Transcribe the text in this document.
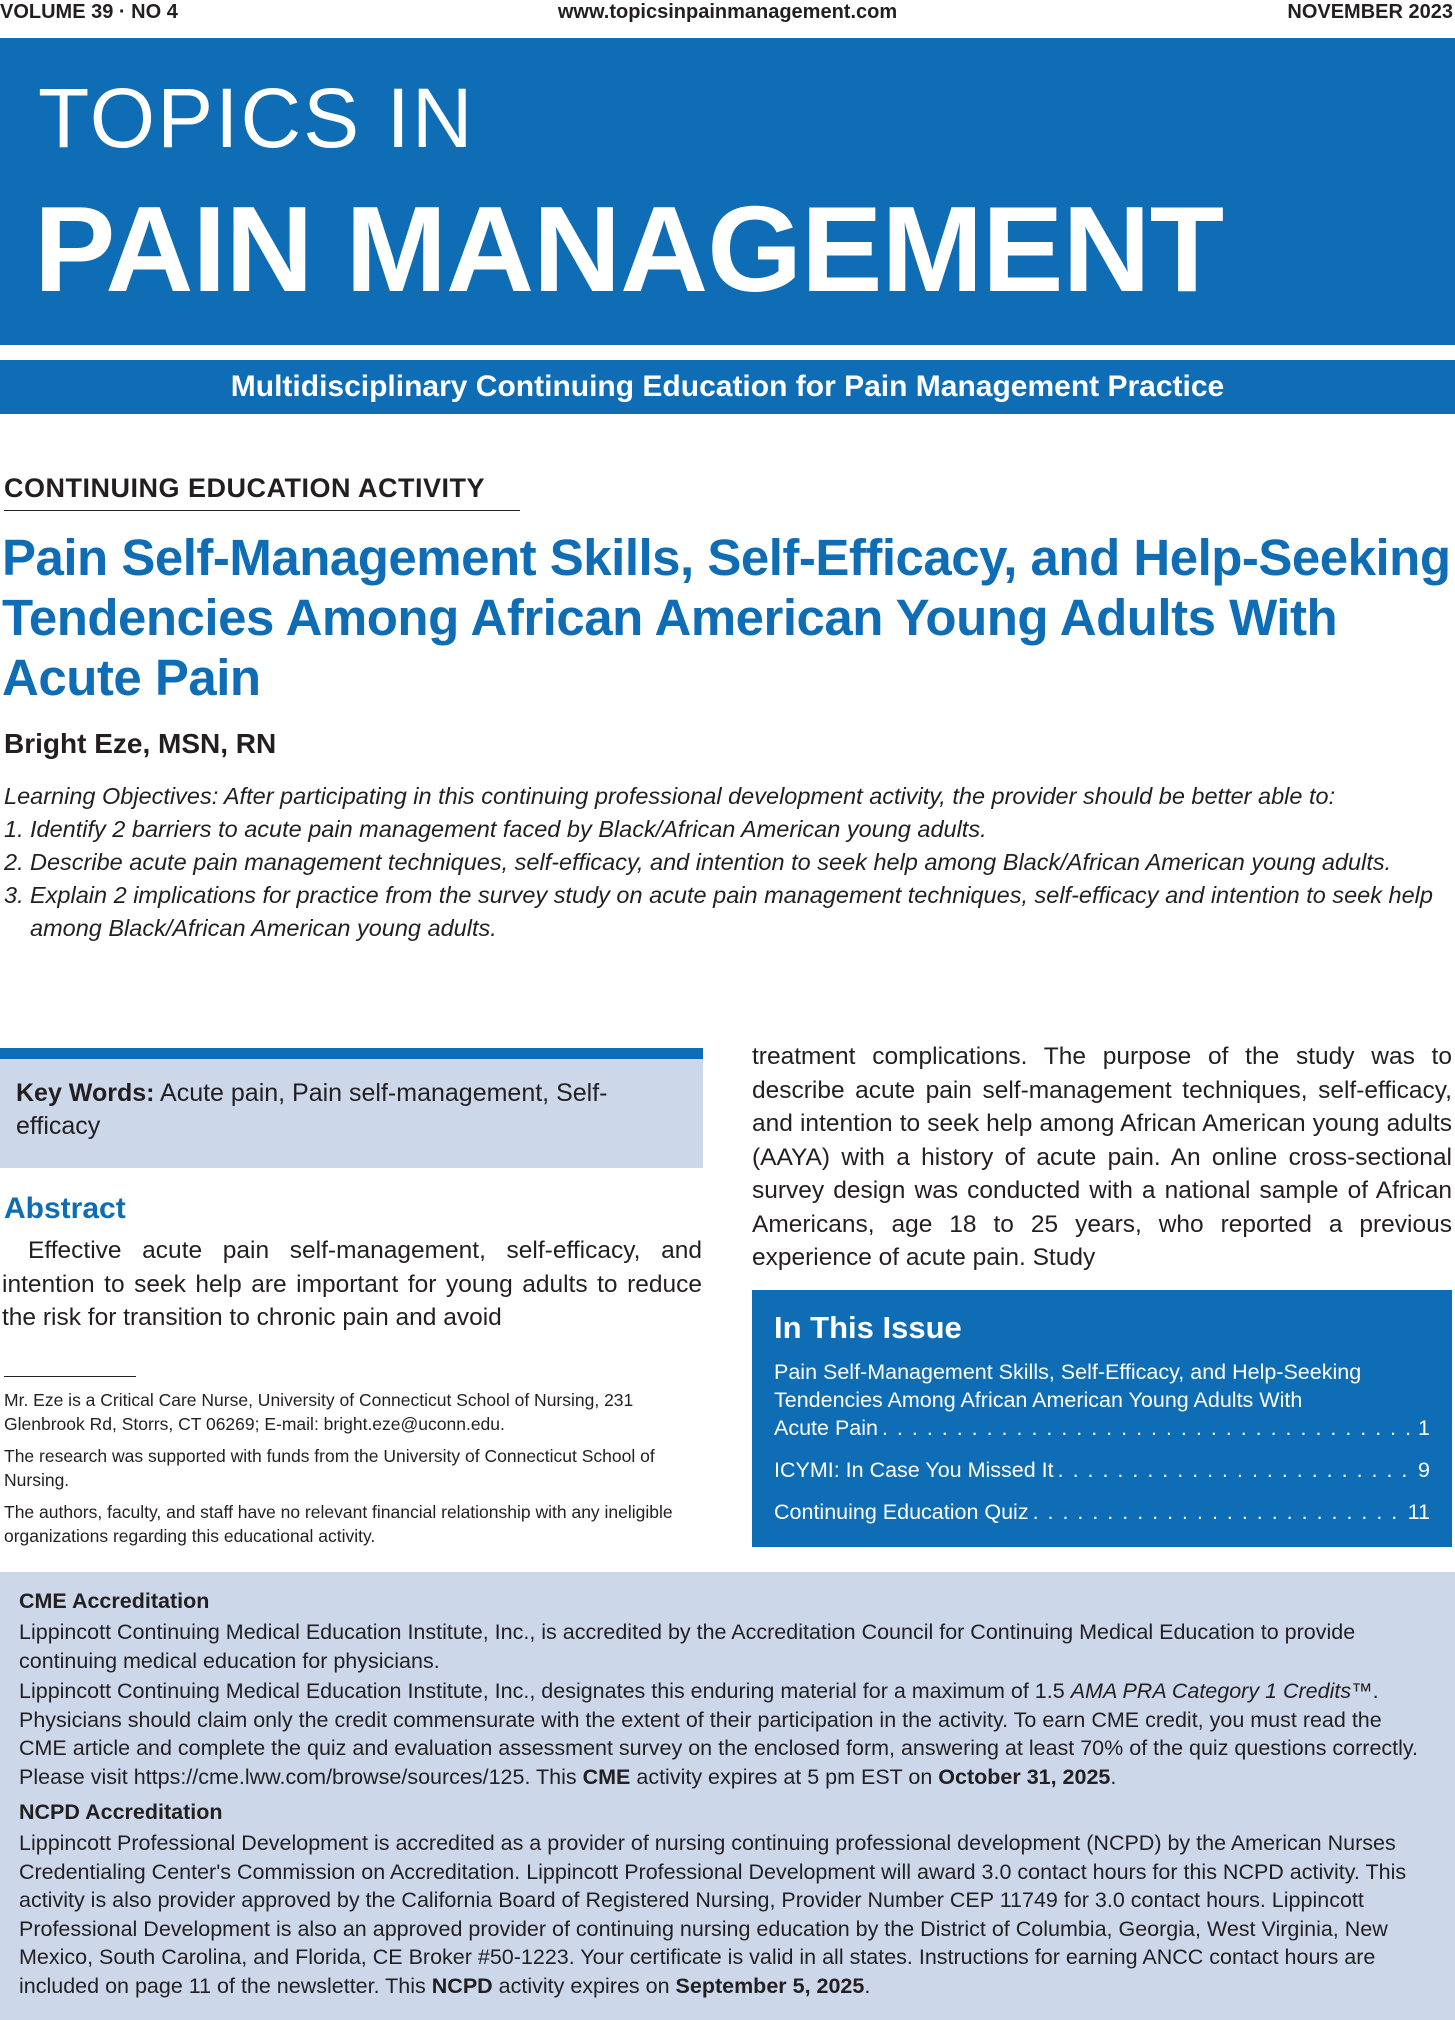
VOLUME 39 · NO 4	www.topicsinpainmanagement.com	NOVEMBER 2023
TOPICS IN
PAIN MANAGEMENT
Multidisciplinary Continuing Education for Pain Management Practice
CONTINUING EDUCATION ACTIVITY
Pain Self-Management Skills, Self-Efficacy, and Help-Seeking Tendencies Among African American Young Adults With Acute Pain
Bright Eze, MSN, RN
Learning Objectives: After participating in this continuing professional development activity, the provider should be better able to:
1. Identify 2 barriers to acute pain management faced by Black/African American young adults.
2. Describe acute pain management techniques, self-efficacy, and intention to seek help among Black/African American young adults.
3. Explain 2 implications for practice from the survey study on acute pain management techniques, self-efficacy and intention to seek help among Black/African American young adults.
Key Words: Acute pain, Pain self-management, Self-efficacy
Abstract

Effective acute pain self-management, self-efficacy, and intention to seek help are important for young adults to reduce the risk for transition to chronic pain and avoid

treatment complications. The purpose of the study was to describe acute pain self-management techniques, self-efficacy, and intention to seek help among African American young adults (AAYA) with a history of acute pain. An online cross-sectional survey design was conducted with a national sample of African Americans, age 18 to 25 years, who reported a previous experience of acute pain. Study

Mr. Eze is a Critical Care Nurse, University of Connecticut School of Nursing, 231 Glenbrook Rd, Storrs, CT 06269; E-mail: bright.eze@uconn.edu.

The research was supported with funds from the University of Connecticut School of Nursing.

The authors, faculty, and staff have no relevant financial relationship with any ineligible organizations regarding this educational activity.

In This Issue
Pain Self-Management Skills, Self-Efficacy, and Help-Seeking
Tendencies Among African American Young Adults With
Acute Pain . . .	1
ICYMI: In Case You Missed It . . .	9
Continuing Education Quiz . . .	11
CME Accreditation

Lippincott Continuing Medical Education Institute, Inc., is accredited by the Accreditation Council for Continuing Medical Education to provide continuing medical education for physicians.

Lippincott Continuing Medical Education Institute, Inc., designates this enduring material for a maximum of 1.5 AMA PRA Category 1 Credits™. Physicians should claim only the credit commensurate with the extent of their participation in the activity. To earn CME credit, you must read the CME article and complete the quiz and evaluation assessment survey on the enclosed form, answering at least 70% of the quiz questions correctly. Please visit https://cme.lww.com/browse/sources/125. This CME activity expires at 5 pm EST on October 31, 2025.

NCPD Accreditation

Lippincott Professional Development is accredited as a provider of nursing continuing professional development (NCPD) by the American Nurses Credentialing Center's Commission on Accreditation. Lippincott Professional Development will award 3.0 contact hours for this NCPD activity. This activity is also provider approved by the California Board of Registered Nursing, Provider Number CEP 11749 for 3.0 contact hours. Lippincott Professional Development is also an approved provider of continuing nursing education by the District of Columbia, Georgia, West Virginia, New Mexico, South Carolina, and Florida, CE Broker #50-1223. Your certificate is valid in all states. Instructions for earning ANCC contact hours are included on page 11 of the newsletter. This NCPD activity expires on September 5, 2025.
